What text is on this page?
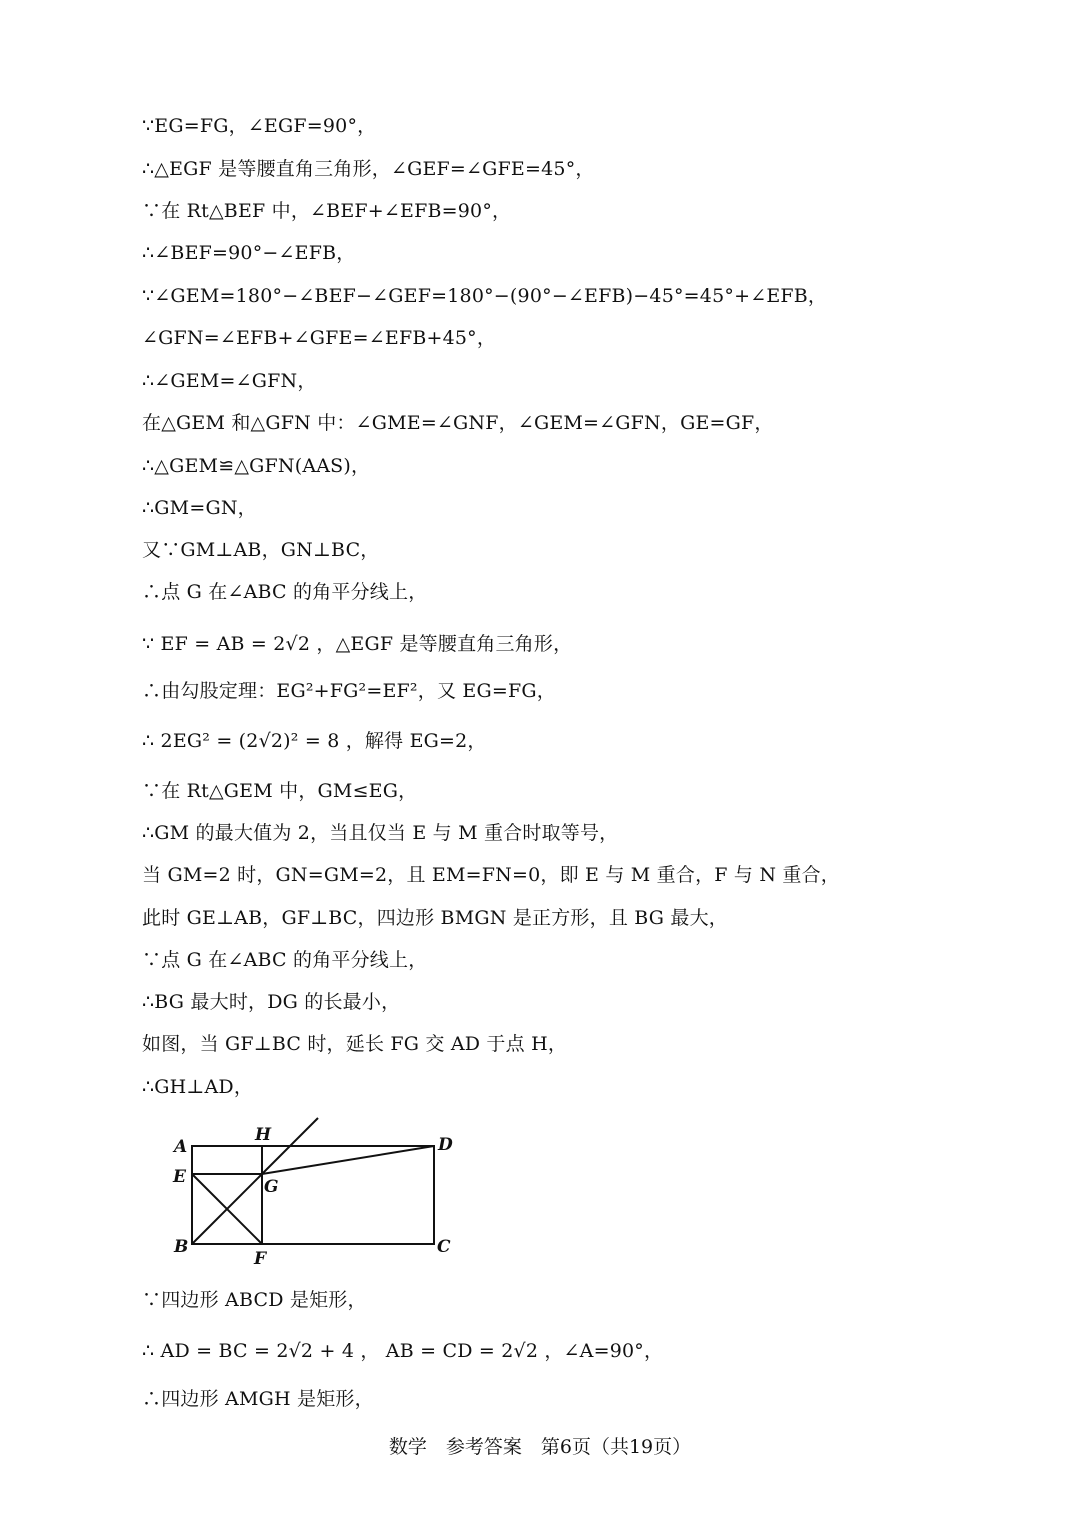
∵EG=FG，∠EGF=90°，
∴△EGF 是等腰直角三角形，∠GEF=∠GFE=45°，
∵在 Rt△BEF 中，∠BEF+∠EFB=90°，
∴∠BEF=90°−∠EFB，
∵∠GEM=180°−∠BEF−∠GEF=180°−(90°−∠EFB)−45°=45°+∠EFB，
∠GFN=∠EFB+∠GFE=∠EFB+45°，
∴∠GEM=∠GFN，
在△GEM 和△GFN 中：∠GME=∠GNF，∠GEM=∠GFN，GE=GF，
∴△GEM≌△GFN(AAS)，
∴GM=GN，
又∵GM⊥AB，GN⊥BC，
∴点 G 在∠ABC 的角平分线上，
∵ EF = AB = 2√2 ，△EGF 是等腰直角三角形，
∴由勾股定理：EG²+FG²=EF²，又 EG=FG，
∴ 2EG² = (2√2)² = 8 ，解得 EG=2，
∵在 Rt△GEM 中，GM≤EG，
∴GM 的最大值为 2，当且仅当 E 与 M 重合时取等号，
当 GM=2 时，GN=GM=2，且 EM=FN=0，即 E 与 M 重合，F 与 N 重合，
此时 GE⊥AB，GF⊥BC，四边形 BMGN 是正方形，且 BG 最大，
∵点 G 在∠ABC 的角平分线上，
∴BG 最大时，DG 的长最小，
如图，当 GF⊥BC 时，延长 FG 交 AD 于点 H，
∴GH⊥AD，
A
H	D
E	G
B
F
C
∵四边形 ABCD 是矩形，
∴ AD = BC = 2√2 + 4 ， AB = CD = 2√2 ，∠A=90°，
∴四边形 AMGH 是矩形，
数学　参考答案　第6页（共19页）
